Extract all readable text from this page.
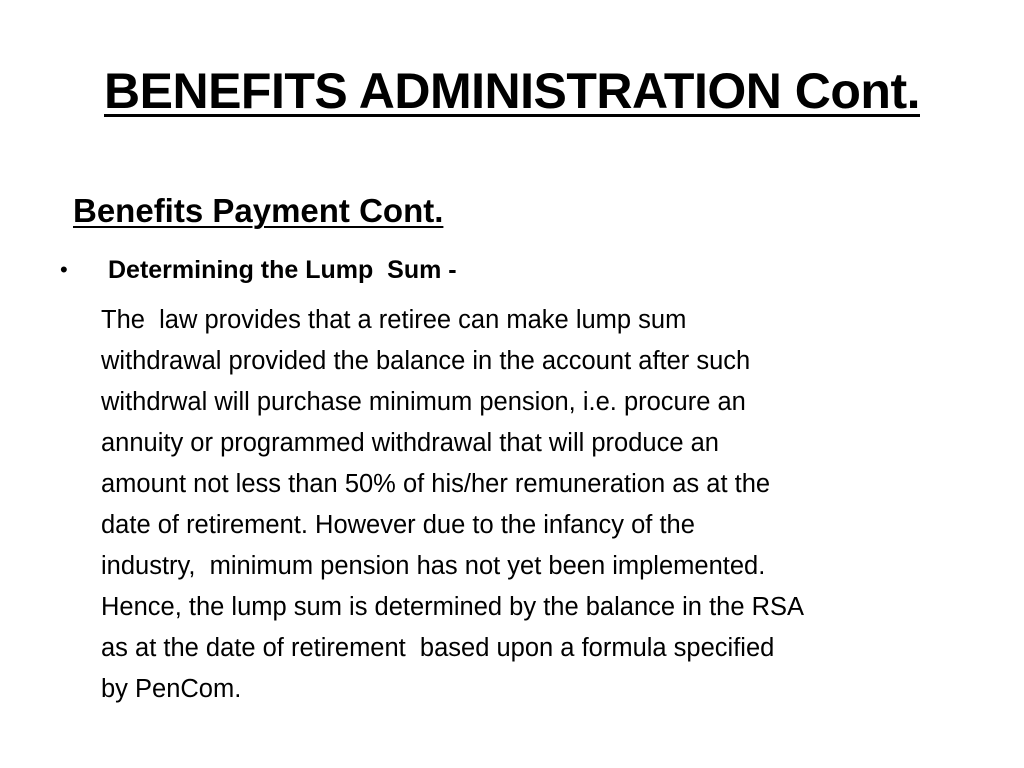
BENEFITS ADMINISTRATION Cont.
Benefits Payment Cont.
•	Determining the Lump  Sum -
The  law provides that a retiree can make lump sum
withdrawal provided the balance in the account after such
withdrwal will purchase minimum pension, i.e. procure an
annuity or programmed withdrawal that will produce an
amount not less than 50% of his/her remuneration as at the
date of retirement. However due to the infancy of the
industry,  minimum pension has not yet been implemented.
Hence, the lump sum is determined by the balance in the RSA
as at the date of retirement  based upon a formula specified
by PenCom.
